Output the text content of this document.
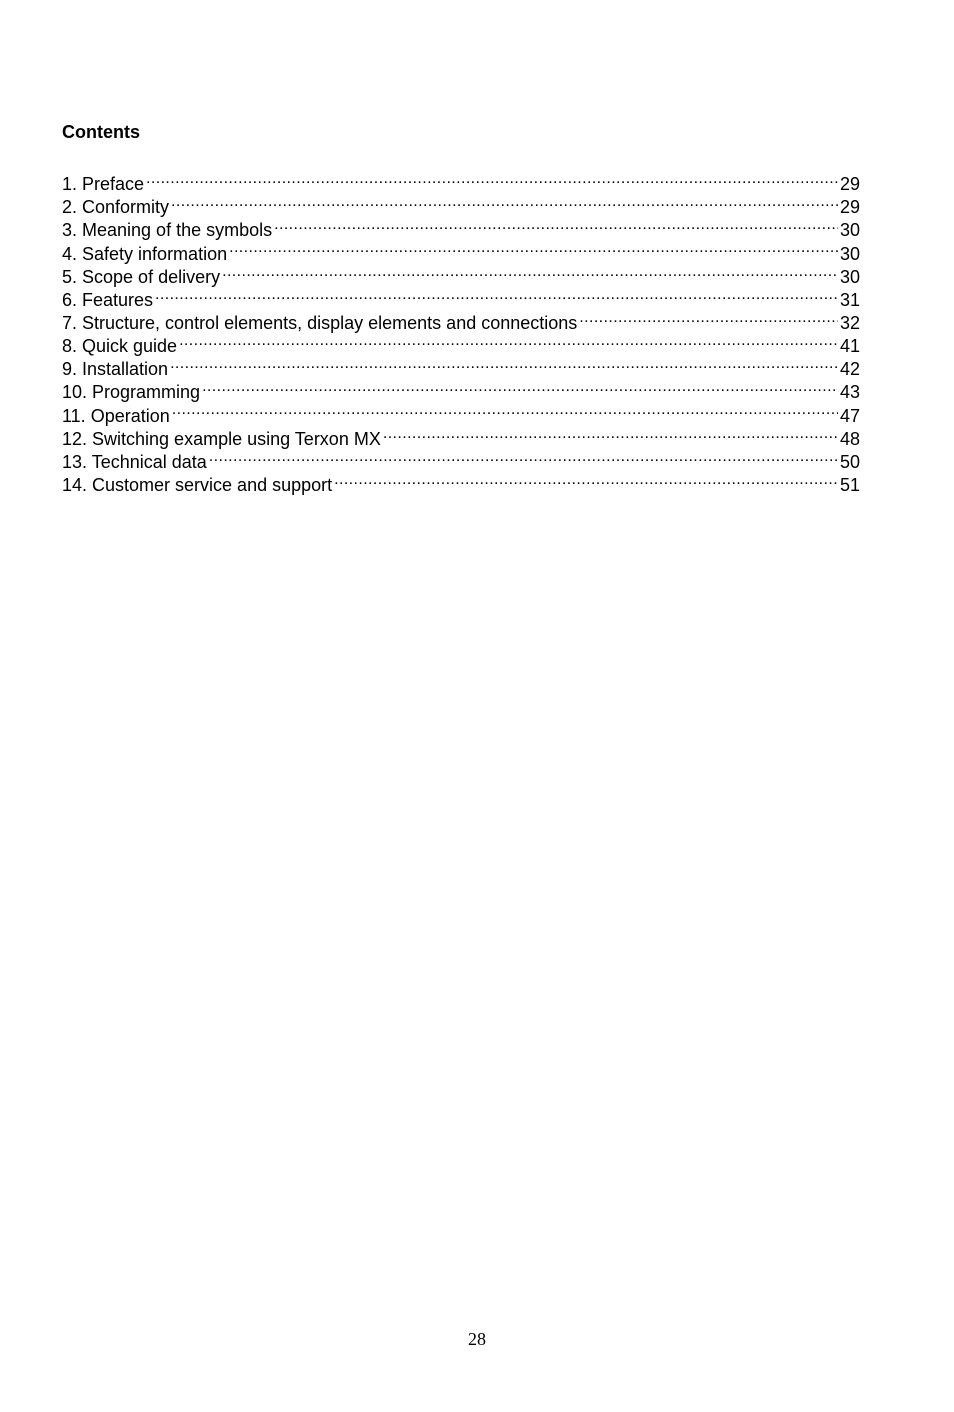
Contents
1. Preface .....	29
2. Conformity .....	29
3. Meaning of the symbols .....	30
4. Safety information .....	30
5. Scope of delivery .....	30
6. Features .....	31
7. Structure, control elements, display elements and connections .....	32
8. Quick guide .....	41
9. Installation .....	42
10. Programming .....	43
11. Operation .....	47
12. Switching example using Terxon MX .....	48
13. Technical data .....	50
14. Customer service and support .....	51
28
